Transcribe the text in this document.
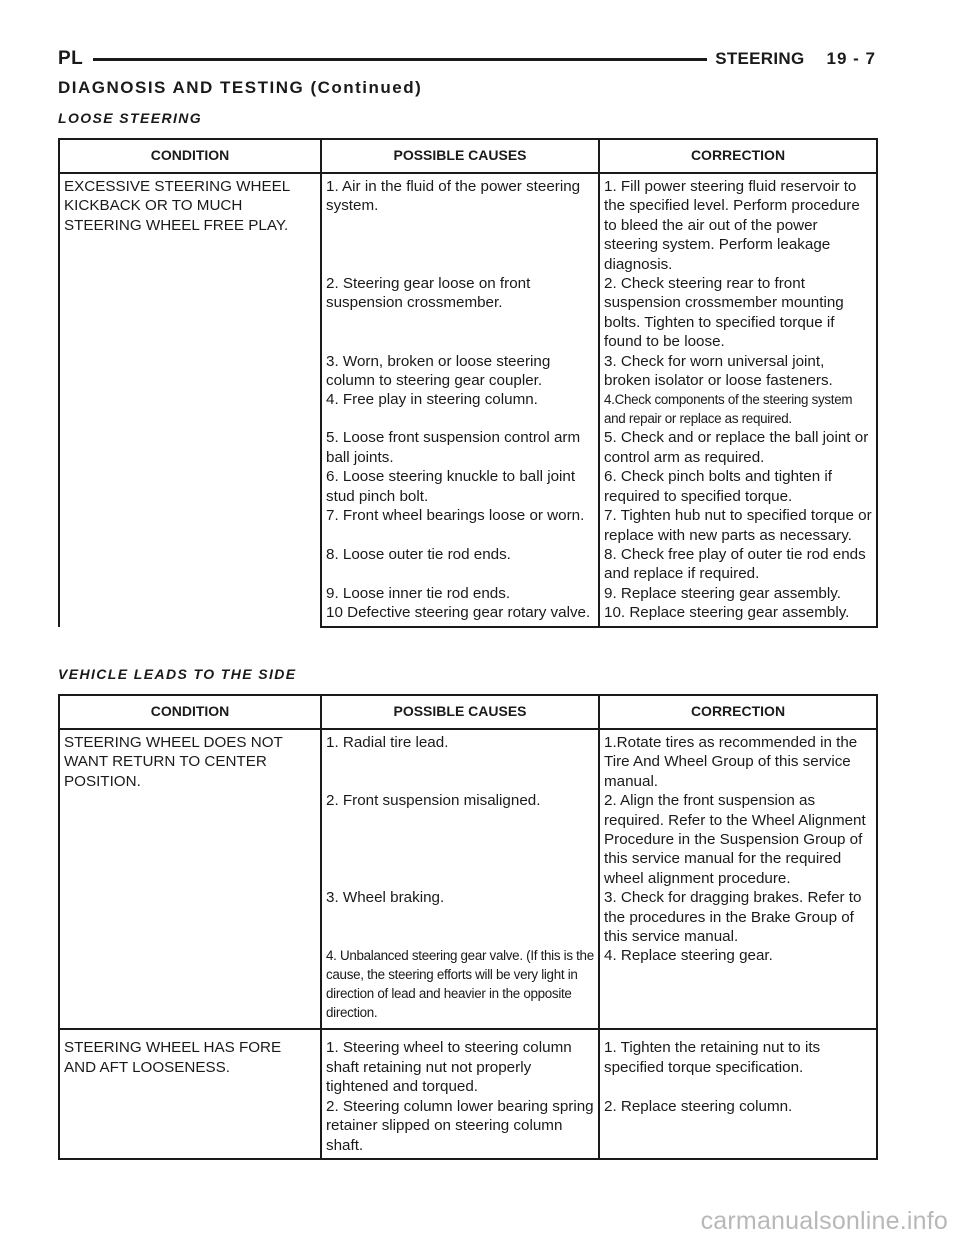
PL	STEERING 19 - 7
DIAGNOSIS AND TESTING (Continued)
LOOSE STEERING
CONDITION	POSSIBLE CAUSES	CORRECTION
EXCESSIVE STEERING WHEEL
KICKBACK OR TO MUCH
STEERING WHEEL FREE PLAY.	1. Air in the fluid of the power steering system.	1. Fill power steering fluid reservoir to the specified level. Perform procedure to bleed the air out of the power steering system. Perform leakage diagnosis.
	2. Steering gear loose on front suspension crossmember.	2. Check steering rear to front suspension crossmember mounting bolts. Tighten to specified torque if found to be loose.
	3. Worn, broken or loose steering column to steering gear coupler.	3. Check for worn universal joint, broken isolator or loose fasteners.
	4. Free play in steering column.	4.Check components of the steering system and repair or replace as required.
	5. Loose front suspension control arm ball joints.	5. Check and or replace the ball joint or control arm as required.
	6. Loose steering knuckle to ball joint stud pinch bolt.	6. Check pinch bolts and tighten if required to specified torque.
	7. Front wheel bearings loose or worn.	7. Tighten hub nut to specified torque or replace with new parts as necessary.
	8. Loose outer tie rod ends.	8. Check free play of outer tie rod ends and replace if required.
	9. Loose inner tie rod ends.	9. Replace steering gear assembly.
	10 Defective steering gear rotary valve.	10. Replace steering gear assembly.
VEHICLE LEADS TO THE SIDE
CONDITION	POSSIBLE CAUSES	CORRECTION
STEERING WHEEL DOES NOT
WANT RETURN TO CENTER
POSITION.	1. Radial tire lead.	1.Rotate tires as recommended in the Tire And Wheel Group of this service manual.
	2. Front suspension misaligned.	2. Align the front suspension as required. Refer to the Wheel Alignment Procedure in the Suspension Group of this service manual for the required wheel alignment procedure.
	3. Wheel braking.	3. Check for dragging brakes. Refer to the procedures in the Brake Group of this service manual.
	4. Unbalanced steering gear valve. (If this is the cause, the steering efforts will be very light in direction of lead and heavier in the opposite direction.	4. Replace steering gear.
STEERING WHEEL HAS FORE
AND AFT LOOSENESS.	1. Steering wheel to steering column shaft retaining nut not properly tightened and torqued.	1. Tighten the retaining nut to its specified torque specification.
	2. Steering column lower bearing spring retainer slipped on steering column shaft.	2. Replace steering column.
carmanualsonline.info
